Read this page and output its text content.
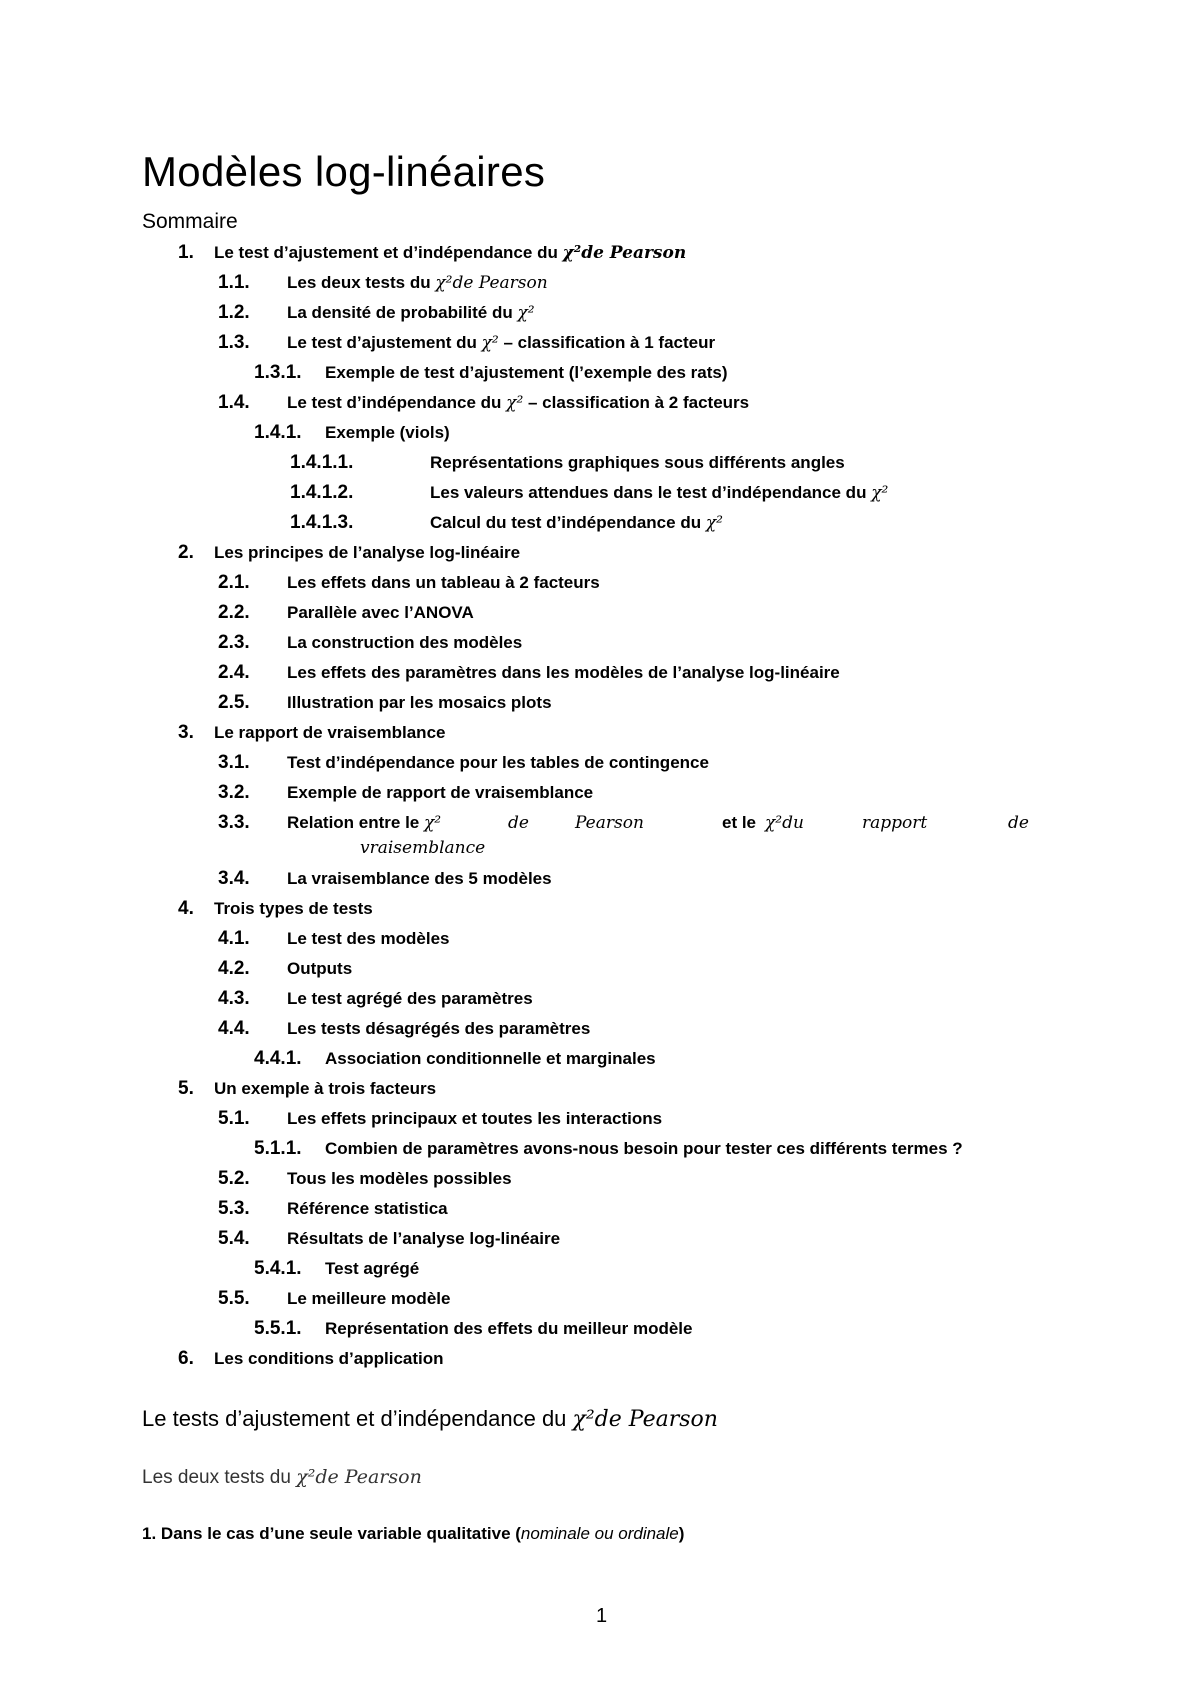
Modèles log-linéaires
Sommaire
1. Le test d’ajustement et d’indépendance du χ²de Pearson
1.1. Les deux tests du χ²de Pearson
1.2. La densité de probabilité du χ²
1.3. Le test d’ajustement du χ² – classification à 1 facteur
1.3.1. Exemple de test d’ajustement (l’exemple des rats)
1.4. Le test d’indépendance du χ² – classification à 2 facteurs
1.4.1. Exemple (viols)
1.4.1.1.	Représentations graphiques sous différents angles
1.4.1.2.	Les valeurs attendues dans le test d’indépendance du χ²
1.4.1.3.	Calcul du test d’indépendance du χ²
2. Les principes de l’analyse log-linéaire
2.1. Les effets dans un tableau à 2 facteurs
2.2. Parallèle avec l’ANOVA
2.3. La construction des modèles
2.4. Les effets des paramètres dans les modèles de l’analyse log-linéaire
2.5. Illustration par les mosaics plots
3. Le rapport de vraisemblance
3.1. Test d’indépendance pour les tables de contingence
3.2. Exemple de rapport de vraisemblance
3.3. Relation entre le χ²	de	Pearson	et le χ²du	rapport	de
vraisemblance
3.4. La vraisemblance des 5 modèles
4. Trois types de tests
4.1. Le test des modèles
4.2. Outputs
4.3. Le test agrégé des paramètres
4.4. Les tests désagrégés des paramètres
4.4.1. Association conditionnelle et marginales
5. Un exemple à trois facteurs
5.1. Les effets principaux et toutes les interactions
5.1.1. Combien de paramètres avons-nous besoin pour tester ces différents termes ?
5.2. Tous les modèles possibles
5.3. Référence statistica
5.4. Résultats de l’analyse log-linéaire
5.4.1. Test agrégé
5.5. Le meilleure modèle
5.5.1. Représentation des effets du meilleur modèle
6. Les conditions d’application
Le tests d’ajustement et d’indépendance du χ²de Pearson
Les deux tests du χ²de Pearson
1. Dans le cas d’une seule variable qualitative (nominale ou ordinale)
1
